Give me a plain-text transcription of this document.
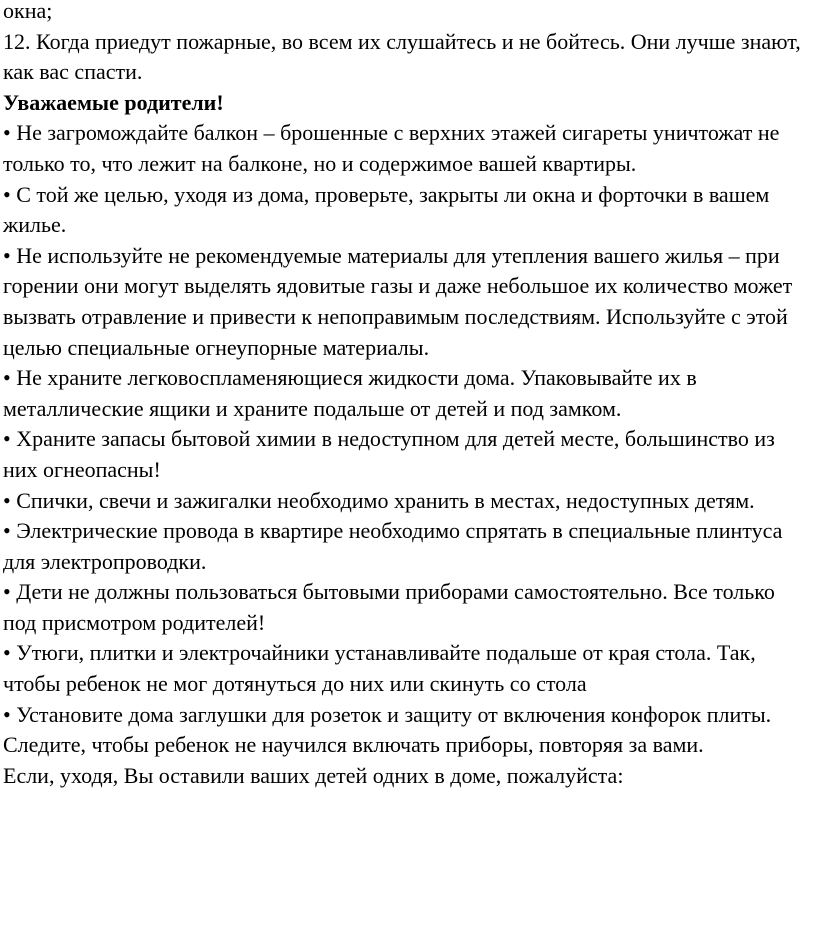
окна;

12. Когда приедут пожарные, во всем их слушайтесь и не бойтесь. Они лучше знают, как вас спасти.

Уважаемые родители!

• Не загромождайте балкон – брошенные с верхних этажей сигареты уничтожат не только то, что лежит на балконе, но и содержимое вашей квартиры.

• С той же целью, уходя из дома, проверьте, закрыты ли окна и форточки в вашем жилье.

• Не используйте не рекомендуемые материалы для утепления вашего жилья – при горении они могут выделять ядовитые газы и даже небольшое их количество может вызвать отравление и привести к непоправимым последствиям. Используйте с этой целью специальные огнеупорные материалы.

• Не храните легковоспламеняющиеся жидкости дома. Упаковывайте их в металлические ящики и храните подальше от детей и под замком.

• Храните запасы бытовой химии в недоступном для детей месте, большинство из них огнеопасны!

• Спички, свечи и зажигалки необходимо хранить в местах, недоступных детям.

• Электрические провода в квартире необходимо спрятать в специальные плинтуса для электропроводки.

• Дети не должны пользоваться бытовыми приборами самостоятельно. Все только под присмотром родителей!

• Утюги, плитки и электрочайники устанавливайте подальше от края стола. Так, чтобы ребенок не мог дотянуться до них или скинуть со стола

• Установите дома заглушки для розеток и защиту от включения конфорок плиты. Следите, чтобы ребенок не научился включать приборы, повторяя за вами.

Если, уходя, Вы оставили ваших детей одних в доме, пожалуйста:
